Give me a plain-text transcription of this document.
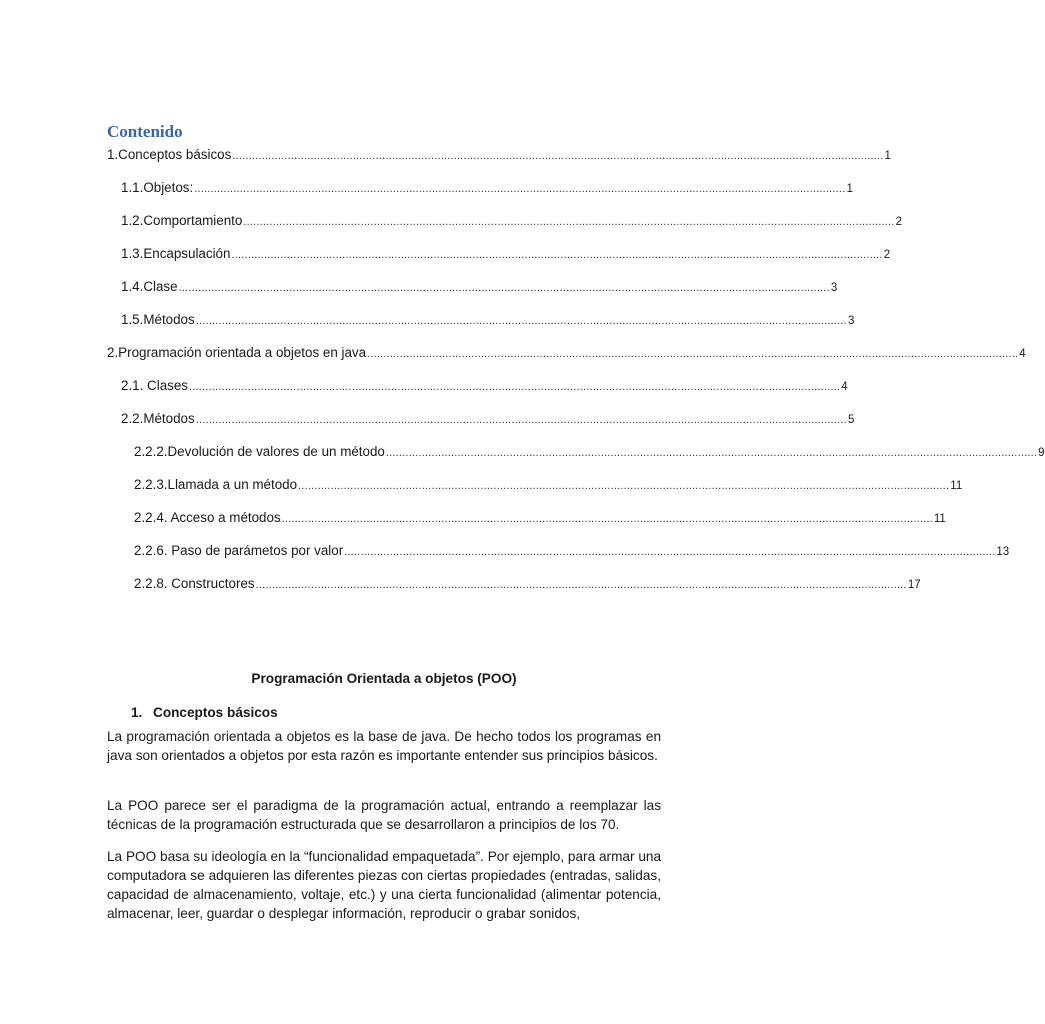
Contenido
1. Conceptos básicos ........................................................................................................................................................................................................ 1
1.1. Objetos: ........................................................................................................................................................................................................ 1
1.2. Comportamiento ........................................................................................................................................................................................................ 2
1.3. Encapsulación ........................................................................................................................................................................................................ 2
1.4. Clase ........................................................................................................................................................................................................ 3
1.5. Métodos ........................................................................................................................................................................................................ 3
2. Programación orientada a objetos en java ........................................................................................................................................................................................................ 4
2.1. Clases ........................................................................................................................................................................................................ 4
2.2.Métodos ........................................................................................................................................................................................................ 5
2.2.2.Devolución de valores de un método ........................................................................................................................................................................................................ 9
2.2.3.Llamada a un método ........................................................................................................................................................................................................ 11
2.2.4. Acceso a métodos ........................................................................................................................................................................................................ 11
2.2.6. Paso de parámetos por valor ........................................................................................................................................................................................................ 13
2.2.8. Constructores ........................................................................................................................................................................................................ 17
Programación Orientada a objetos (POO)
1. Conceptos básicos

La programación orientada a objetos es la base de java. De hecho todos los programas en java son orientados a objetos por esta razón es importante entender sus principios básicos.

La POO parece ser el paradigma de la programación actual, entrando a reemplazar las técnicas de la programación estructurada que se desarrollaron a principios de los 70.

La POO basa su ideología en la “funcionalidad empaquetada”. Por ejemplo, para armar una computadora se adquieren las diferentes piezas con ciertas propiedades (entradas, salidas, capacidad de almacenamiento, voltaje, etc.) y una cierta funcionalidad (alimentar potencia, almacenar, leer, guardar o desplegar información, reproducir o grabar sonidos,
